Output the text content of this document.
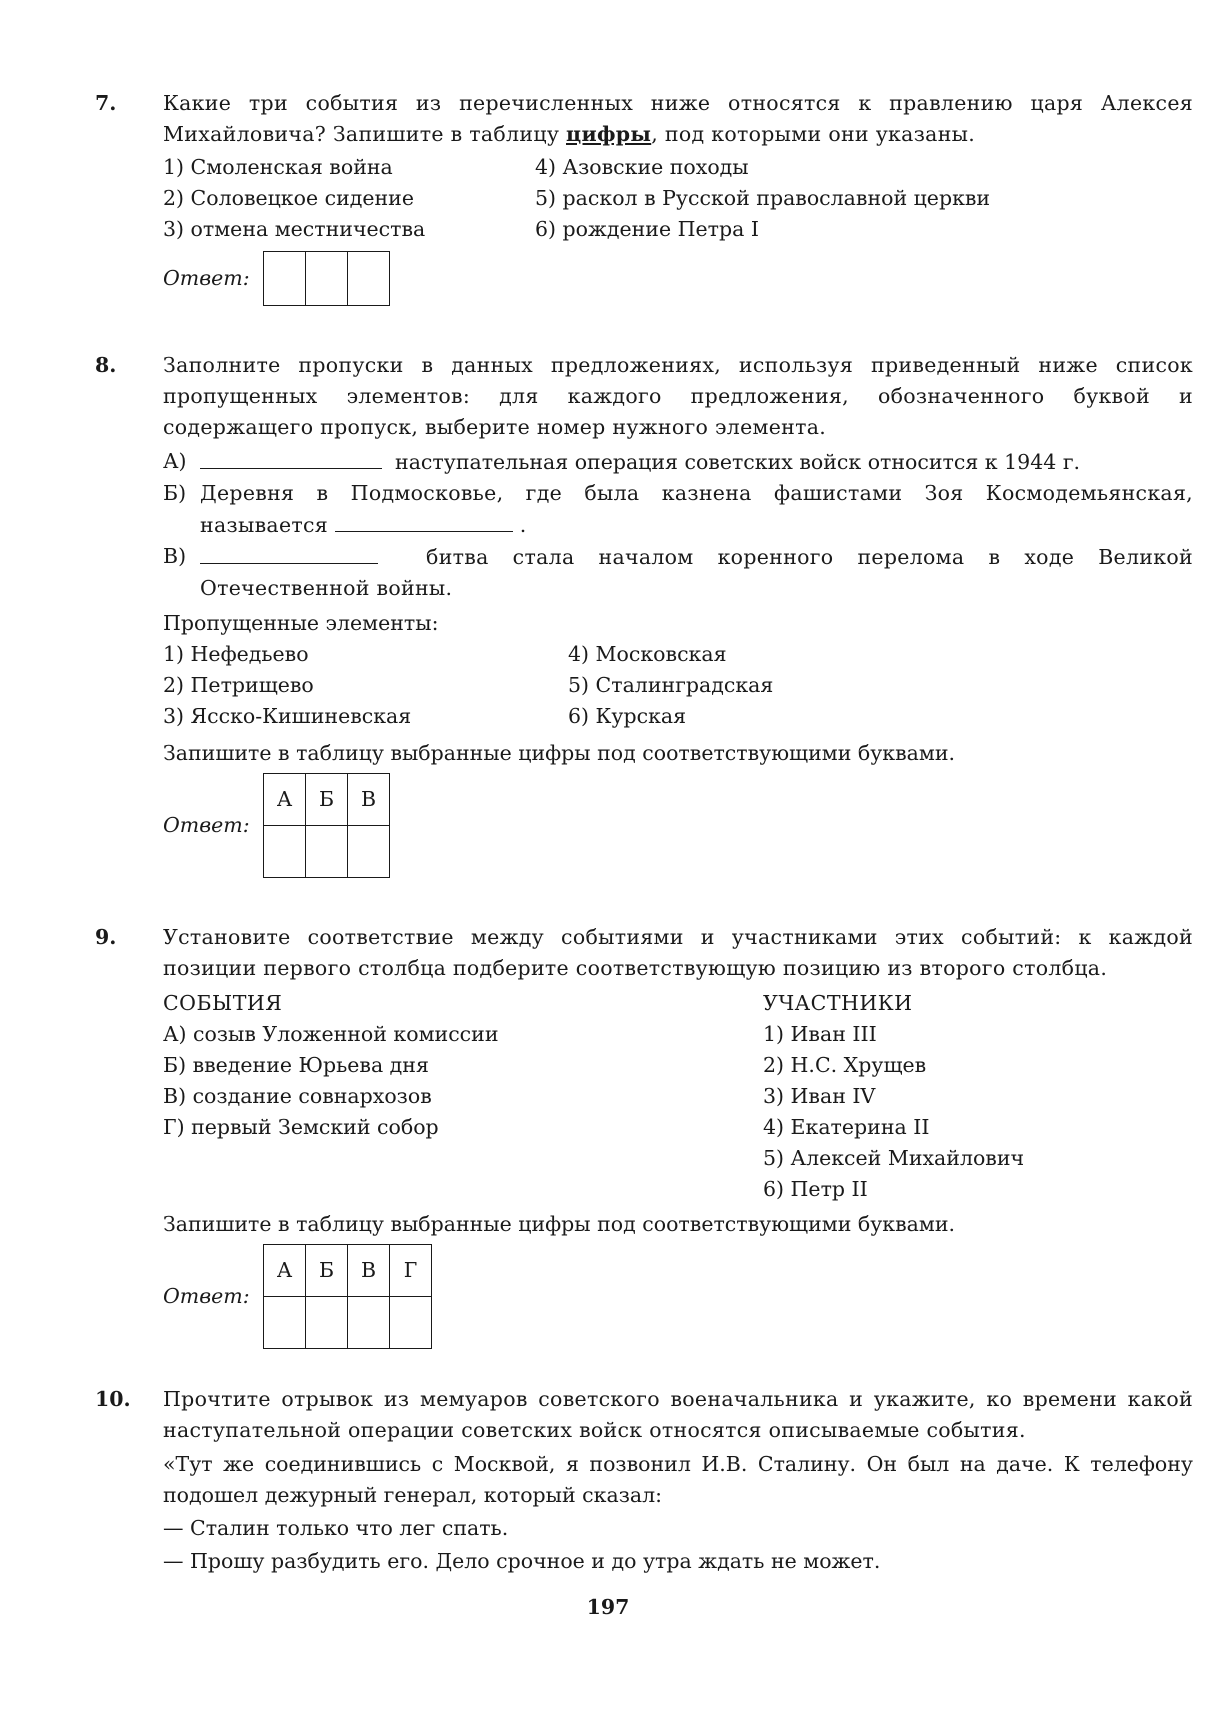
7. Какие три события из перечисленных ниже относятся к правлению царя Алексея Михайловича? Запишите в таблицу цифры, под которыми они указаны.
1) Смоленская война
2) Соловецкое сидение
3) отмена местничества
4) Азовские походы
5) раскол в Русской православной церкви
6) рождение Петра I
Ответ:

8. Заполните пропуски в данных предложениях, используя приведенный ниже список пропущенных элементов: для каждого предложения, обозначенного буквой и содержащего пропуск, выберите номер нужного элемента.
А)	наступательная операция советских войск относится к 1944 г.
Б) Деревня в Подмосковье, где была казнена фашистами Зоя Космодемьянская, называется	.
В)	битва стала началом коренного перелома в ходе Великой Отечественной войны.
Пропущенные элементы:
1) Нефедьево
2) Петрищево
3) Ясско-Кишиневская
4) Московская
5) Сталинградская
6) Курская
Запишите в таблицу выбранные цифры под соответствующими буквами.
Ответ:
А	Б	В

9. Установите соответствие между событиями и участниками этих событий: к каждой позиции первого столбца подберите соответствующую позицию из второго столбца.
СОБЫТИЯ
А) созыв Уложенной комиссии
Б) введение Юрьева дня
В) создание совнархозов
Г) первый Земский собор
УЧАСТНИКИ
1) Иван III
2) Н.С. Хрущев
3) Иван IV
4) Екатерина II
5) Алексей Михайлович
6) Петр II
Запишите в таблицу выбранные цифры под соответствующими буквами.
Ответ:
А	Б	В	Г

10. Прочтите отрывок из мемуаров советского военачальника и укажите, ко времени какой наступательной операции советских войск относятся описываемые события.
«Тут же соединившись с Москвой, я позвонил И.В. Сталину. Он был на даче. К телефону подошел дежурный генерал, который сказал:
— Сталин только что лег спать.
— Прошу разбудить его. Дело срочное и до утра ждать не может.
197
